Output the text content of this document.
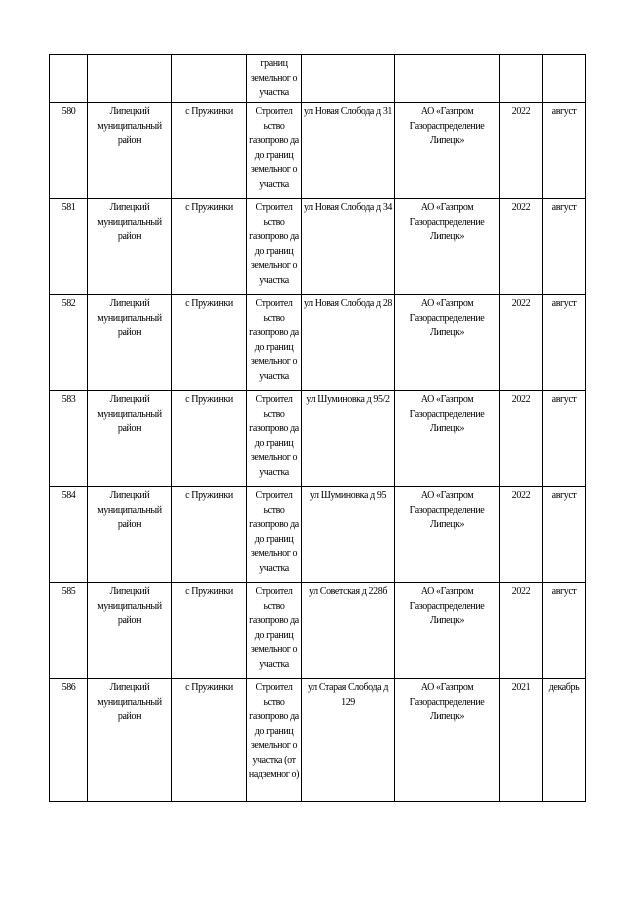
			границ земельног о участка				
580	Липецкий муниципальный район	с Пружинки	Строител ьство газопрово да до границ земельног о участка	ул Новая Слобода д 31	АО «Газпром Газораспределение Липецк»	2022	август
581	Липецкий муниципальный район	с Пружинки	Строител ьство газопрово да до границ земельног о участка	ул Новая Слобода д 34	АО «Газпром Газораспределение Липецк»	2022	август
582	Липецкий муниципальный район	с Пружинки	Строител ьство газопрово да до границ земельног о участка	ул Новая Слобода д 28	АО «Газпром Газораспределение Липецк»	2022	август
583	Липецкий муниципальный район	с Пружинки	Строител ьство газопрово да до границ земельног о участка	ул Шуминовка д 95/2	АО «Газпром Газораспределение Липецк»	2022	август
584	Липецкий муниципальный район	с Пружинки	Строител ьство газопрово да до границ земельног о участка	ул Шуминовка д 95	АО «Газпром Газораспределение Липецк»	2022	август
585	Липецкий муниципальный район	с Пружинки	Строител ьство газопрово да до границ земельног о участка	ул Советская д 228б	АО «Газпром Газораспределение Липецк»	2022	август
586	Липецкий муниципальный район	с Пружинки	Строител ьство газопрово да до границ земельног о участка (от надземног о)	ул Старая Слобода д 129	АО «Газпром Газораспределение Липецк»	2021	декабрь
